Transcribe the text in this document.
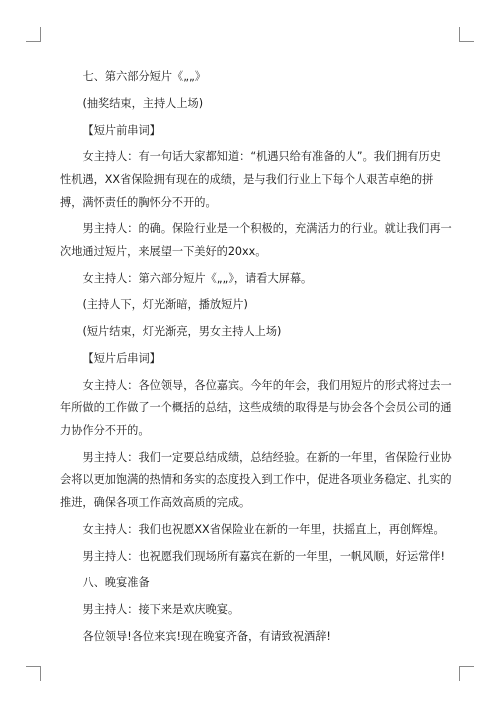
七、第六部分短片《„„》

(抽奖结束，主持人上场)

【短片前串词】

女主持人：有一句话大家都知道：“机遇只给有准备的人”。我们拥有历史性机遇，XX省保险拥有现在的成绩，是与我们行业上下每个人艰苦卓绝的拼搏，满怀责任的胸怀分不开的。

男主持人：的确。保险行业是一个积极的，充满活力的行业。就让我们再一次地通过短片，来展望一下美好的20xx。

女主持人：第六部分短片《„„》，请看大屏幕。

(主持人下，灯光渐暗，播放短片)

(短片结束，灯光渐亮，男女主持人上场)

【短片后串词】

女主持人：各位领导，各位嘉宾。今年的年会，我们用短片的形式将过去一年所做的工作做了一个概括的总结，这些成绩的取得是与协会各个会员公司的通力协作分不开的。

男主持人：我们一定要总结成绩，总结经验。在新的一年里，省保险行业协会将以更加饱满的热情和务实的态度投入到工作中，促进各项业务稳定、扎实的推进，确保各项工作高效高质的完成。

女主持人：我们也祝愿XX省保险业在新的一年里，扶摇直上，再创辉煌。

男主持人：也祝愿我们现场所有嘉宾在新的一年里，一帆风顺，好运常伴!

八、晚宴准备

男主持人：接下来是欢庆晚宴。

各位领导!各位来宾!现在晚宴齐备，有请致祝酒辞!
